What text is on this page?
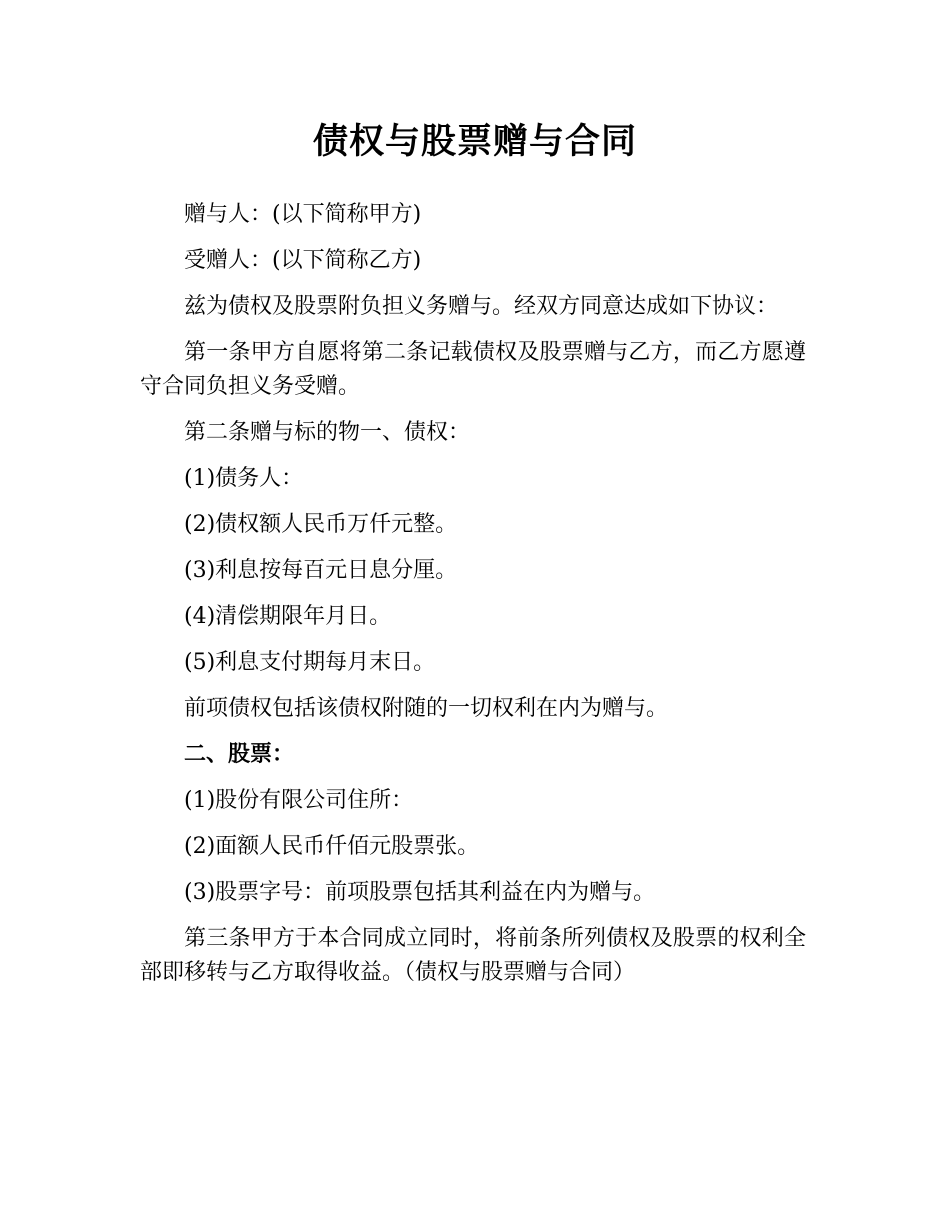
债权与股票赠与合同

赠与人：(以下简称甲方)

受赠人：(以下简称乙方)

兹为债权及股票附负担义务赠与。经双方同意达成如下协议：

第一条甲方自愿将第二条记载债权及股票赠与乙方，而乙方愿遵守合同负担义务受赠。

第二条赠与标的物一、债权：

(1)债务人：

(2)债权额人民币万仟元整。

(3)利息按每百元日息分厘。

(4)清偿期限年月日。

(5)利息支付期每月末日。

前项债权包括该债权附随的一切权利在内为赠与。

二、股票：

(1)股份有限公司住所：

(2)面额人民币仟佰元股票张。

(3)股票字号：前项股票包括其利益在内为赠与。

第三条甲方于本合同成立同时，将前条所列债权及股票的权利全部即移转与乙方取得收益。（债权与股票赠与合同）
